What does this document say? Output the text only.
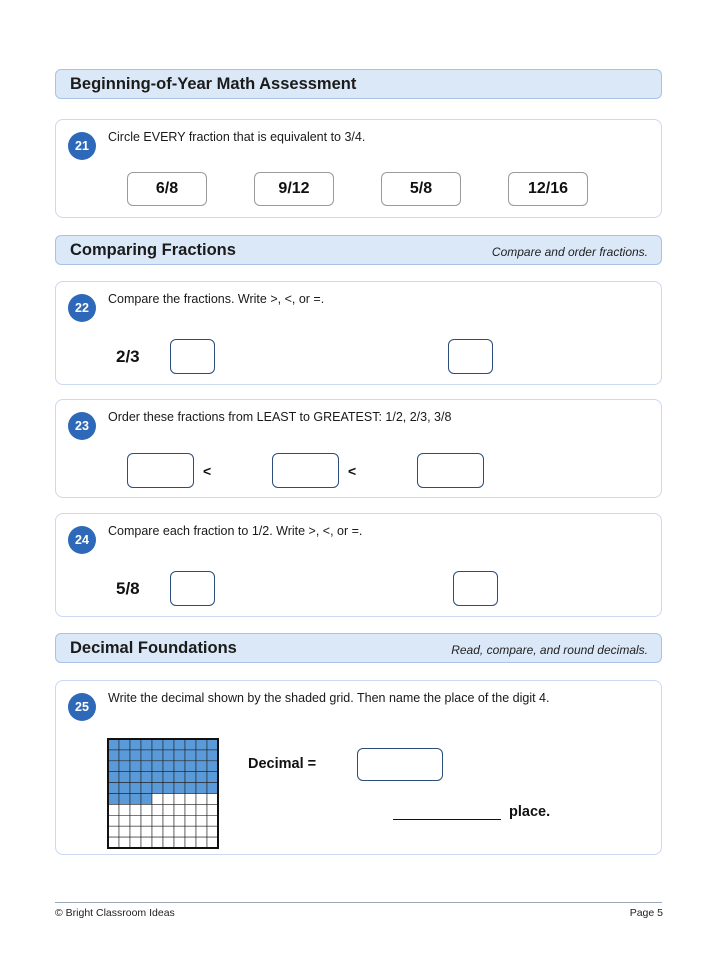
Beginning-of-Year Math Assessment
21
Circle EVERY fraction that is equivalent to 3/4.
6/8	9/12	5/8	12/16
Comparing Fractions	Compare and order fractions.
22
Compare the fractions. Write >, <, or =.
2/3
23
Order these fractions from LEAST to GREATEST: 1/2, 2/3, 3/8
<	<
24
Compare each fraction to 1/2. Write >, <, or =.
5/8
Decimal Foundations	Read, compare, and round decimals.
25
Write the decimal shown by the shaded grid. Then name the place of the digit 4.
Decimal =
place.
© Bright Classroom Ideas	Page 5
